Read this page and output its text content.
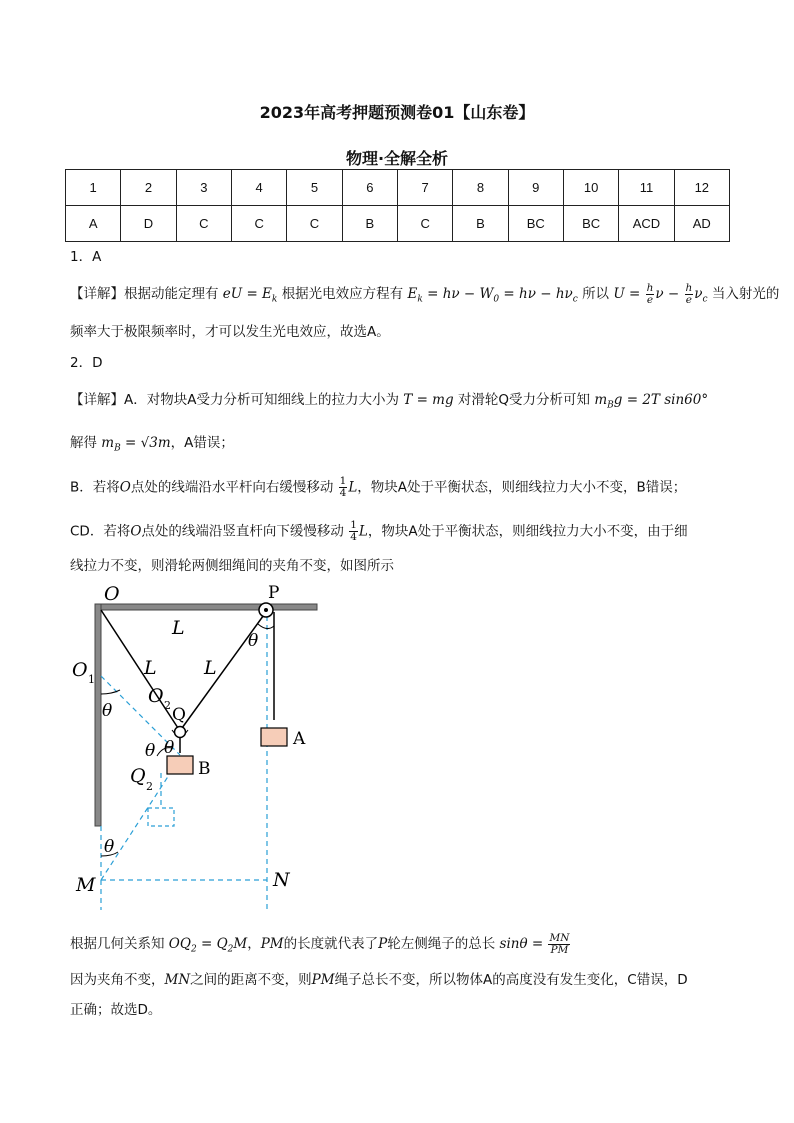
2023年高考押题预测卷01【山东卷】
物理·全解全析
1	2	3	4	5	6	7	8	9	10	11	12
A	D	C	C	C	B	C	B	BC	BC	ACD	AD
1．A
【详解】根据动能定理有 eU = $E_k$ 根据光电效应方程有 $E_k = h\nu - W_0 = h\nu - h\nu_c$ 所以 $U = \frac{h}{e}$ $\nu - \frac{h}{e} \nu_c$ 当入射光的
频率大于极限频率时，才可以发生光电效应，故选A。
2．D
【详解】A．对物块A受力分析可知细线上的拉力大小为 T = mg 对滑轮Q受力分析可知 $m_Bg = 2T$ sin60°
解得 $m_B = √3m$，A错误；
B．若将O点处的线端沿水平杆向右缓慢移动 $\frac{1}{4}$ L，物块A处于平衡状态，则细线拉力大小不变，B错误；
CD．若将O点处的线端沿竖直杆向下缓慢移动 $\frac{1}{4}$ L，物块A处于平衡状态，则细线拉力大小不变，由于细
线拉力不变，则滑轮两侧细绳间的夹角不变，如图所示
O	P
L
L L
O 1
O 2 Q
Q 2
A
B
M	N
θ
θ
θ θ
θ
根据几何关系知 $OQ_2 = Q_2M$，PM的长度就代表了P轮左侧绳子的总长 $\sin\theta = \frac{MN}{PM}$
因为夹角不变，MN之间的距离不变，则PM绳子总长不变，所以物体A的高度没有发生变化，C错误，D
正确；故选D。
